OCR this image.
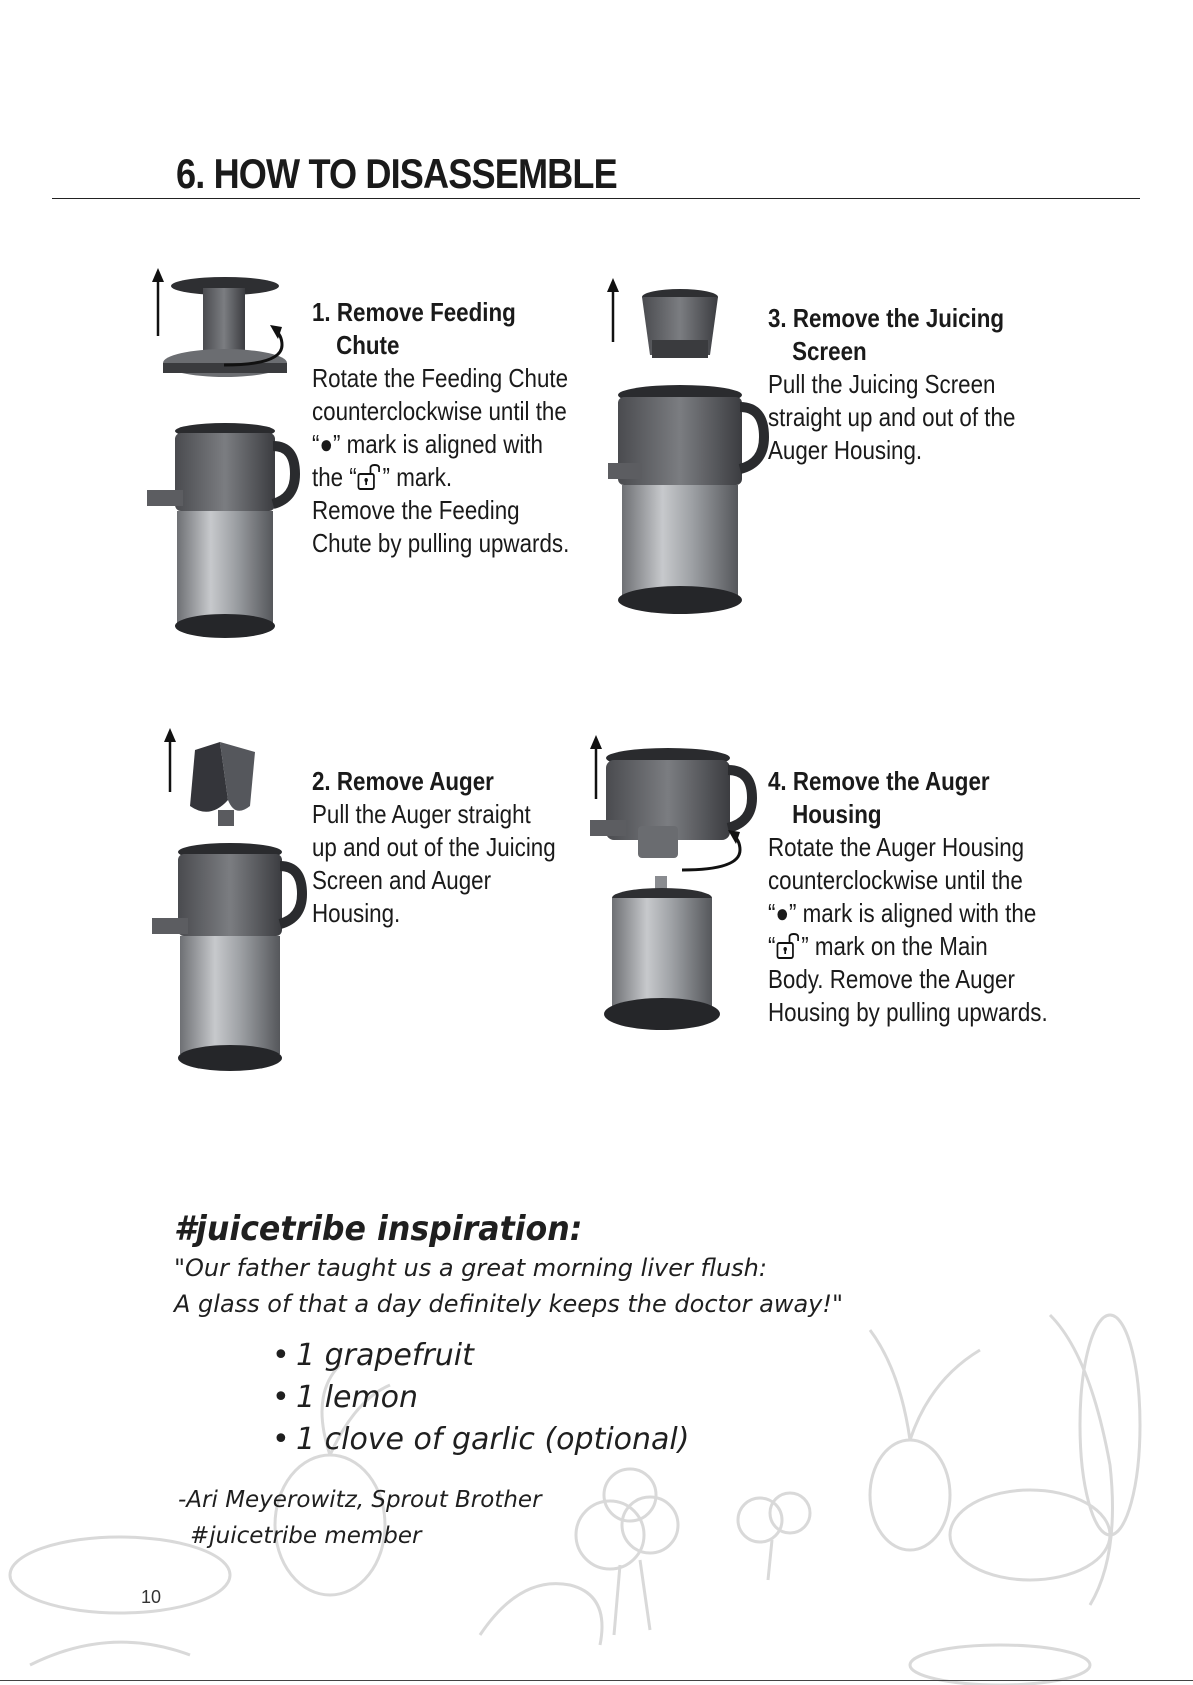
6. HOW TO DISASSEMBLE
1. Remove Feeding
Chute
Rotate the Feeding Chute
counterclockwise until the
“●” mark is aligned with
the “ ” mark.
Remove the Feeding
Chute by pulling upwards.
3. Remove the Juicing
Screen
Pull the Juicing Screen
straight up and out of the
Auger Housing.
2. Remove Auger
Pull the Auger straight
up and out of the Juicing
Screen and Auger
Housing.
4. Remove the Auger
Housing
Rotate the Auger Housing
counterclockwise until the
“●” mark is aligned with the
“ ” mark on the Main
Body. Remove the Auger
Housing by pulling upwards.
#juicetribe inspiration:
"Our father taught us a great morning liver flush:
A glass of that a day definitely keeps the doctor away!"
• 1 grapefruit
• 1 lemon
• 1 clove of garlic (optional)
-Ari Meyerowitz, Sprout Brother
#juicetribe member
10
